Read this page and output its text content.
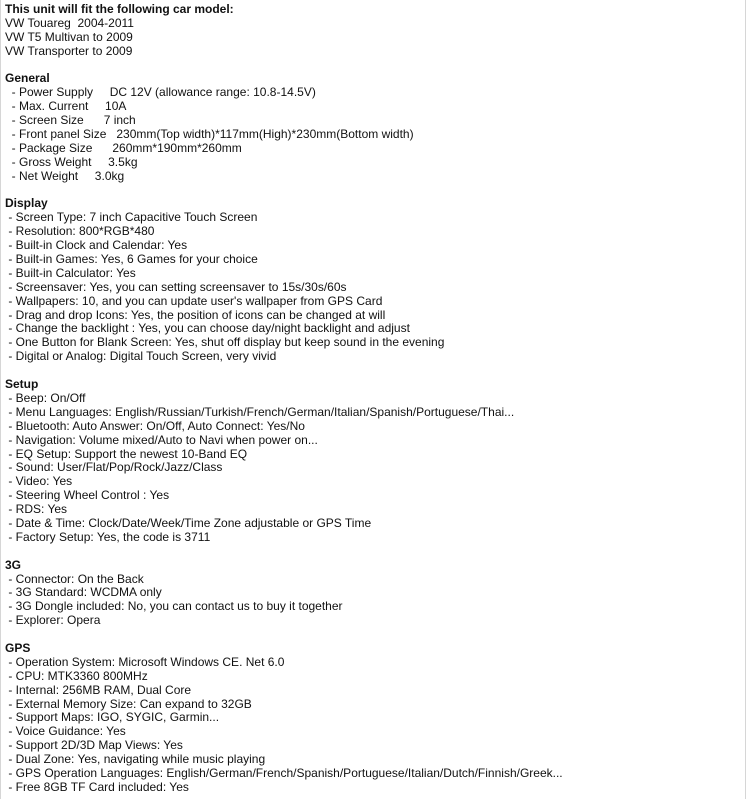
This unit will fit the following car model:
VW Touareg  2004-2011
VW T5 Multivan to 2009
VW Transporter to 2009
General
- Power Supply     DC 12V (allowance range: 10.8-14.5V)
- Max. Current     10A
- Screen Size      7 inch
- Front panel Size   230mm(Top width)*117mm(High)*230mm(Bottom width)
- Package Size      260mm*190mm*260mm
- Gross Weight     3.5kg
- Net Weight     3.0kg
Display
- Screen Type: 7 inch Capacitive Touch Screen
- Resolution: 800*RGB*480
- Built-in Clock and Calendar: Yes
- Built-in Games: Yes, 6 Games for your choice
- Built-in Calculator: Yes
- Screensaver: Yes, you can setting screensaver to 15s/30s/60s
- Wallpapers: 10, and you can update user's wallpaper from GPS Card
- Drag and drop Icons: Yes, the position of icons can be changed at will
- Change the backlight : Yes, you can choose day/night backlight and adjust
- One Button for Blank Screen: Yes, shut off display but keep sound in the evening
- Digital or Analog: Digital Touch Screen, very vivid
Setup
- Beep: On/Off
- Menu Languages: English/Russian/Turkish/French/German/Italian/Spanish/Portuguese/Thai...
- Bluetooth: Auto Answer: On/Off, Auto Connect: Yes/No
- Navigation: Volume mixed/Auto to Navi when power on...
- EQ Setup: Support the newest 10-Band EQ
- Sound: User/Flat/Pop/Rock/Jazz/Class
- Video: Yes
- Steering Wheel Control : Yes
- RDS: Yes
- Date & Time: Clock/Date/Week/Time Zone adjustable or GPS Time
- Factory Setup: Yes, the code is 3711
3G
- Connector: On the Back
- 3G Standard: WCDMA only
- 3G Dongle included: No, you can contact us to buy it together
- Explorer: Opera
GPS
- Operation System: Microsoft Windows CE. Net 6.0
- CPU: MTK3360 800MHz
- Internal: 256MB RAM, Dual Core
- External Memory Size: Can expand to 32GB
- Support Maps: IGO, SYGIC, Garmin...
- Voice Guidance: Yes
- Support 2D/3D Map Views: Yes
- Dual Zone: Yes, navigating while music playing
- GPS Operation Languages: English/German/French/Spanish/Portuguese/Italian/Dutch/Finnish/Greek...
- Free 8GB TF Card included: Yes
